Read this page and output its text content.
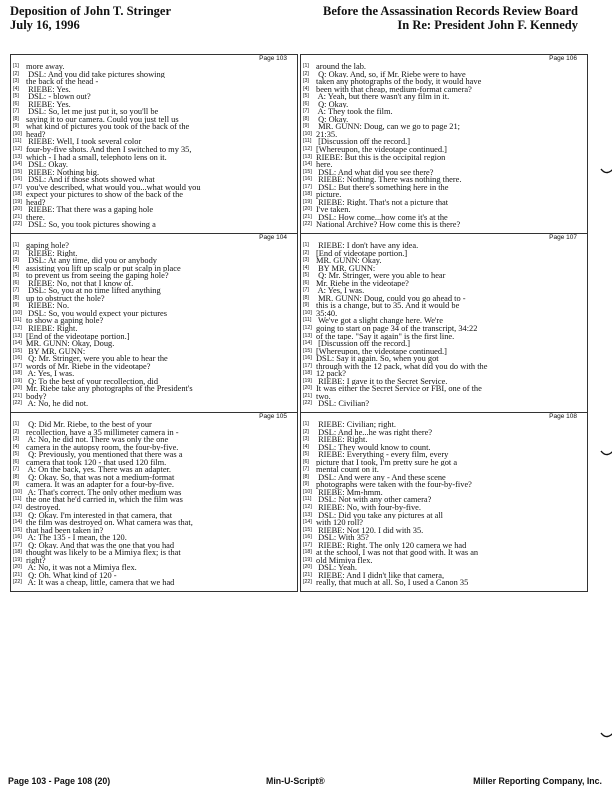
Deposition of John T. Stringer
July 16, 1996
Before the Assassination Records Review Board
In Re: President John F. Kennedy
Page 103
[1] more away.
[2] DSL: And you did take pictures showing
[3] the back of the head -
[4] RIEBE: Yes.
[5] DSL: - blown out?
[6] RIEBE: Yes.
[7] DSL: So, let me just put it, so you'll be
[8] saying it to our camera. Could you just tell us
[9] what kind of pictures you took of the back of the
[10] head?
[11] RIEBE: Well, I took several color
[12] four-by-five shots. And then I switched to my 35,
[13] which - I had a small, telephoto lens on it.
[14] DSL: Okay.
[15] RIEBE: Nothing big.
[16] DSL: And if those shots showed what
[17] you've described, what would you...what would you
[18] expect your pictures to show of the back of the
[19] head?
[20] RIEBE: That there was a gaping hole
[21] there.
[22] DSL: So, you took pictures showing a
Page 106
[1] around the lab.
[2] Q: Okay. And, so, if Mr. Riebe were to have
[3] taken any photographs of the body, it would have
[4] been with that cheap, medium-format camera?
[5] A: Yeah, but there wasn't any film in it.
[6] Q: Okay.
[7] A: They took the film.
[8] Q: Okay.
[9] MR. GUNN: Doug, can we go to page 21;
[10] 21:35.
[11] [Discussion off the record.]
[12] [Whereupon, the videotape continued.]
[13] RIEBE: But this is the occipital region
[14] here.
[15] DSL: And what did you see there?
[16] RIEBE: Nothing. There was nothing there.
[17] DSL: But there's something here in the
[18] picture.
[19] RIEBE: Right. That's not a picture that
[20] I've taken.
[21] DSL: How come...how come it's at the
[22] National Archive? How come this is there?
Page 104
[1] gaping hole?
[2] RIEBE: Right.
[3] DSL: At any time, did you or anybody
[4] assisting you lift up scalp or put scalp in place
[5] to prevent us from seeing the gaping hole?
[6] RIEBE: No, not that I know of.
[7] DSL: So, you at no time lifted anything
[8] up to obstruct the hole?
[9] RIEBE: No.
[10] DSL: So, you would expect your pictures
[11] to show a gaping hole?
[12] RIEBE: Right.
[13] [End of the videotape portion.]
[14] MR. GUNN: Okay, Doug.
[15] BY MR. GUNN:
[16] Q: Mr. Stringer, were you able to hear the
[17] words of Mr. Riebe in the videotape?
[18] A: Yes, I was.
[19] Q: To the best of your recollection, did
[20] Mr. Riebe take any photographs of the President's
[21] body?
[22] A: No, he did not.
Page 107
[1] RIEBE: I don't have any idea.
[2] [End of videotape portion.]
[3] MR. GUNN: Okay.
[4] BY MR. GUNN:
[5] Q: Mr. Stringer, were you able to hear
[6] Mr. Riebe in the videotape?
[7] A: Yes, I was.
[8] MR. GUNN: Doug, could you go ahead to -
[9] this is a change, but to 35. And it would be
[10] 35:40.
[11] We've got a slight change here. We're
[12] going to start on page 34 of the transcript, 34:22
[13] of the tape. "Say it again" is the first line.
[14] [Discussion off the record.]
[15] [Whereupon, the videotape continued.]
[16] DSL: Say it again. So, when you got
[17] through with the 12 pack, what did you do with the
[18] 12 pack?
[19] RIEBE: I gave it to the Secret Service.
[20] It was either the Secret Service or FBI, one of the
[21] two.
[22] DSL: Civilian?
Page 105
[1] Q: Did Mr. Riebe, to the best of your
[2] recollection, have a 35 millimeter camera in -
[3] A: No, he did not. There was only the one
[4] camera in the autopsy room, the four-by-five.
[5] Q: Previously, you mentioned that there was a
[6] camera that took 120 - that used 120 film.
[7] A: On the back, yes. There was an adapter.
[8] Q: Okay. So, that was not a medium-format
[9] camera. It was an adapter for a four-by-five.
[10] A: That's correct. The only other medium was
[11] the one that he'd carried in, which the film was
[12] destroyed.
[13] Q: Okay. I'm interested in that camera, that
[14] the film was destroyed on. What camera was that,
[15] that had been taken in?
[16] A: The 135 - I mean, the 120.
[17] Q: Okay. And that was the one that you had
[18] thought was likely to be a Mimiya flex; is that
[19] right?
[20] A: No, it was not a Mimiya flex.
[21] Q: Oh. What kind of 120 -
[22] A: It was a cheap, little, camera that we had
Page 108
[1] RIEBE: Civilian; right.
[2] DSL: And he...he was right there?
[3] RIEBE: Right.
[4] DSL: They would know to count.
[5] RIEBE: Everything - every film, every
[6] picture that I took, I'm pretty sure he got a
[7] mental count on it.
[8] DSL: And were any - And these scene
[9] photographs were taken with the four-by-five?
[10] RIEBE: Mm-hmm.
[11] DSL: Not with any other camera?
[12] RIEBE: No, with four-by-five.
[13] DSL: Did you take any pictures at all
[14] with 120 roll?
[15] RIEBE: Not 120. I did with 35.
[16] DSL: With 35?
[17] RIEBE: Right. The only 120 camera we had
[18] at the school, I was not that good with. It was an
[19] old Mimiya flex.
[20] DSL: Yeah.
[21] RIEBE: And I didn't like that camera,
[22] really, that much at all. So, I used a Canon 35
Page 103 - Page 108 (20)	Min-U-Script®	Miller Reporting Company, Inc.
